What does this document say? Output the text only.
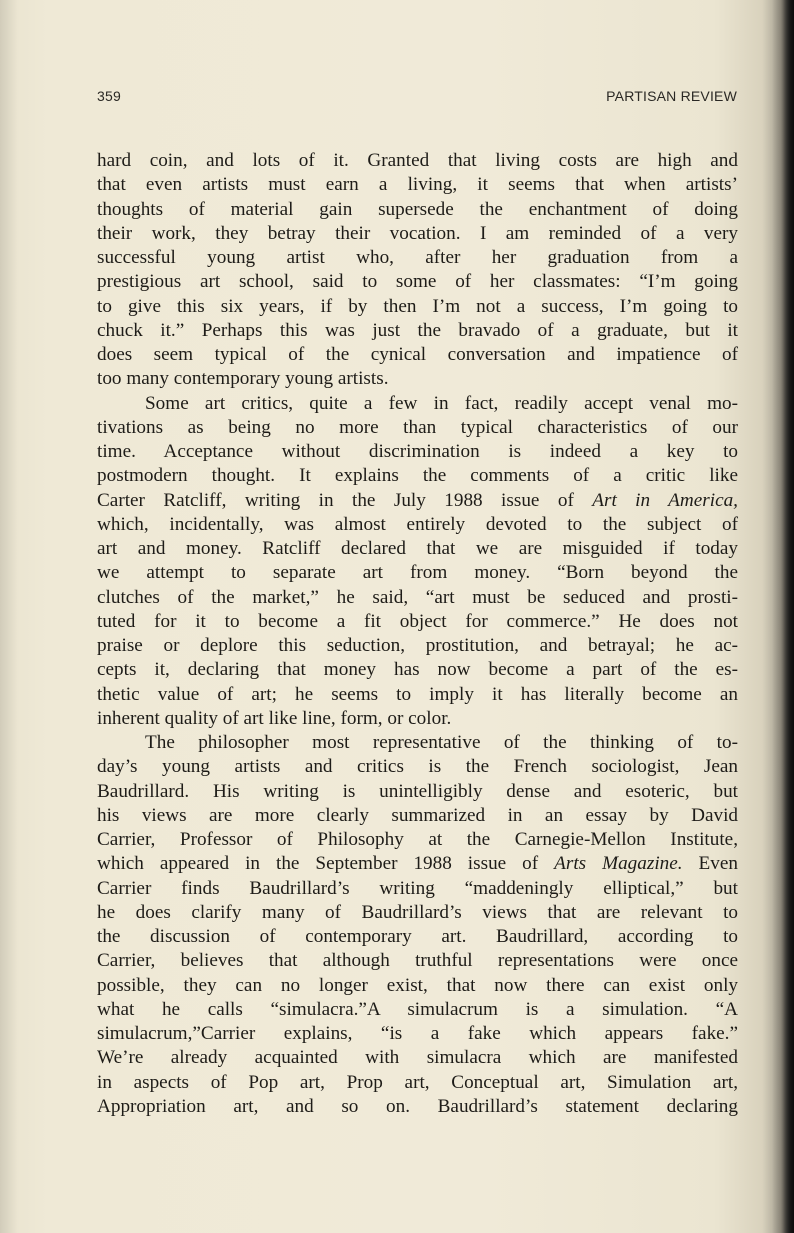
359	PARTISAN REVIEW

hard coin, and lots of it. Granted that living costs are high and
that even artists must earn a living, it seems that when artists’
thoughts of material gain supersede the enchantment of doing
their work, they betray their vocation. I am reminded of a very
successful young artist who, after her graduation from a
prestigious art school, said to some of her classmates: “I’m going
to give this six years, if by then I’m not a success, I’m going to
chuck it.” Perhaps this was just the bravado of a graduate, but it
does seem typical of the cynical conversation and impatience of
too many contemporary young artists.

Some art critics, quite a few in fact, readily accept venal mo-
tivations as being no more than typical characteristics of our
time. Acceptance without discrimination is indeed a key to
postmodern thought. It explains the comments of a critic like
Carter Ratcliff, writing in the July 1988 issue of Art in America,
which, incidentally, was almost entirely devoted to the subject of
art and money. Ratcliff declared that we are misguided if today
we attempt to separate art from money. “Born beyond the
clutches of the market,” he said, “art must be seduced and prosti-
tuted for it to become a fit object for commerce.” He does not
praise or deplore this seduction, prostitution, and betrayal; he ac-
cepts it, declaring that money has now become a part of the es-
thetic value of art; he seems to imply it has literally become an
inherent quality of art like line, form, or color.

The philosopher most representative of the thinking of to-
day’s young artists and critics is the French sociologist, Jean
Baudrillard. His writing is unintelligibly dense and esoteric, but
his views are more clearly summarized in an essay by David
Carrier, Professor of Philosophy at the Carnegie-Mellon Institute,
which appeared in the September 1988 issue of Arts Magazine. Even
Carrier finds Baudrillard’s writing “maddeningly elliptical,” but
he does clarify many of Baudrillard’s views that are relevant to
the discussion of contemporary art. Baudrillard, according to
Carrier, believes that although truthful representations were once
possible, they can no longer exist, that now there can exist only
what he calls “simulacra.”A simulacrum is a simulation. “A
simulacrum,”Carrier explains, “is a fake which appears fake.”
We’re already acquainted with simulacra which are manifested
in aspects of Pop art, Prop art, Conceptual art, Simulation art,
Appropriation art, and so on. Baudrillard’s statement declaring
